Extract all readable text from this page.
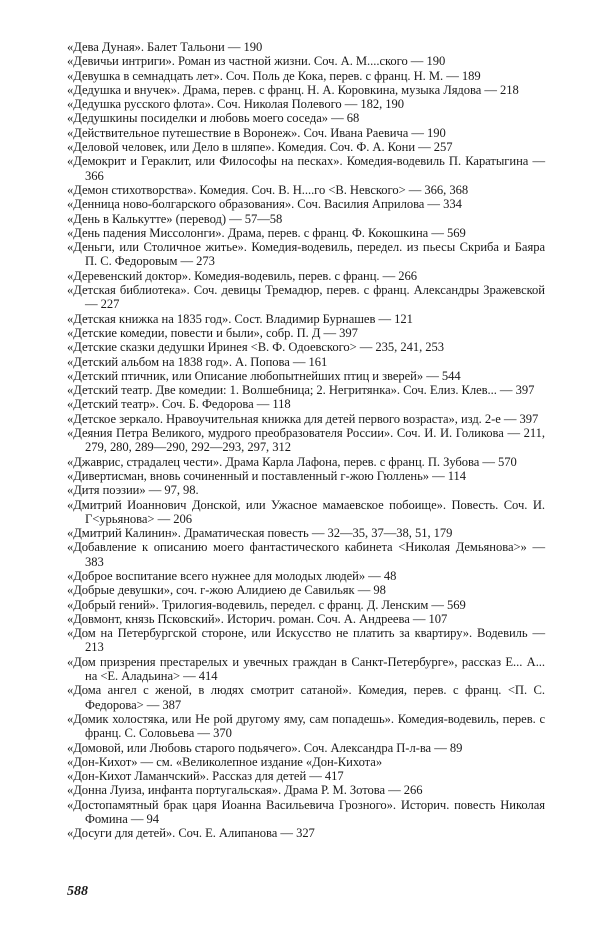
«Дева Дуная». Балет Тальони — 190

«Девичьи интриги». Роман из частной жизни. Соч. А. М....ского — 190

«Девушка в семнадцать лет». Соч. Поль де Кока, перев. с франц. Н. М. — 189

«Дедушка и внучек». Драма, перев. с франц. Н. А. Коровкина, музыка Лядова — 218

«Дедушка русского флота». Соч. Николая Полевого — 182, 190

«Дедушкины посиделки и любовь моего соседа» — 68

«Действительное путешествие в Воронеж». Соч. Ивана Раевича — 190

«Деловой человек, или Дело в шляпе». Комедия. Соч. Ф. А. Кони — 257

«Демокрит и Гераклит, или Философы на песках». Комедия-водевиль П. Каратыгина — 366

«Демон стихотворства». Комедия. Соч. В. Н....го <В. Невского> — 366, 368

«Денница ново-болгарского образования». Соч. Василия Априлова — 334

«День в Калькутте» (перевод) — 57—58

«День падения Миссолонги». Драма, перев. с франц. Ф. Кокошкина — 569

«Деньги, или Столичное житье». Комедия-водевиль, передел. из пьесы Скриба и Баяра П. С. Федоровым — 273

«Деревенский доктор». Комедия-водевиль, перев. с франц. — 266

«Детская библиотека». Соч. девицы Тремадюр, перев. с франц. Александры Зражевской — 227

«Детская книжка на 1835 год». Сост. Владимир Бурнашев — 121

«Детские комедии, повести и были», собр. П. Д — 397

«Детские сказки дедушки Иринея <В. Ф. Одоевского> — 235, 241, 253

«Детский альбом на 1838 год». А. Попова — 161

«Детский птичник, или Описание любопытнейших птиц и зверей» — 544

«Детский театр. Две комедии: 1. Волшебница; 2. Негритянка». Соч. Елиз. Клев... — 397

«Детский театр». Соч. Б. Федорова — 118

«Детское зеркало. Нравоучительная книжка для детей первого возраста», изд. 2-е — 397

«Деяния Петра Великого, мудрого преобразователя России». Соч. И. И. Голикова — 211, 279, 280, 289—290, 292—293, 297, 312

«Джаврис, страдалец чести». Драма Карла Лафона, перев. с франц. П. Зубова — 570

«Дивертисман, вновь сочиненный и поставленный г-жою Гюллень» — 114

«Дитя поэзии» — 97, 98.

«Дмитрий Иоаннович Донской, или Ужасное мамаевское побоище». Повесть. Соч. И. Г<урьянова> — 206

«Дмитрий Калинин». Драматическая повесть — 32—35, 37—38, 51, 179

«Добавление к описанию моего фантастического кабинета <Николая Демьянова>» — 383

«Доброе воспитание всего нужнее для молодых людей» — 48

«Добрые девушки», соч. г-жою Алидиею де Савильяк — 98

«Добрый гений». Трилогия-водевиль, передел. с франц. Д. Ленским — 569

«Довмонт, князь Псковский». Историч. роман. Соч. А. Андреева — 107

«Дом на Петербургской стороне, или Искусство не платить за квартиру». Водевиль — 213

«Дом призрения престарелых и увечных граждан в Санкт-Петербурге», рассказ Е... А... на <Е. Аладьина> — 414

«Дома ангел с женой, в людях смотрит сатаной». Комедия, перев. с франц. <П. С. Федорова> — 387

«Домик холостяка, или Не рой другому яму, сам попадешь». Комедия-водевиль, перев. с франц. С. Соловьева — 370

«Домовой, или Любовь старого подьячего». Соч. Александра П-л-ва — 89

«Дон-Кихот» — см. «Великолепное издание «Дон-Кихота»

«Дон-Кихот Ламанчский». Рассказ для детей — 417

«Донна Луиза, инфанта португальская». Драма Р. М. Зотова — 266

«Достопамятный брак царя Иоанна Васильевича Грозного». Историч. повесть Николая Фомина — 94

«Досуги для детей». Соч. Е. Алипанова — 327

588
